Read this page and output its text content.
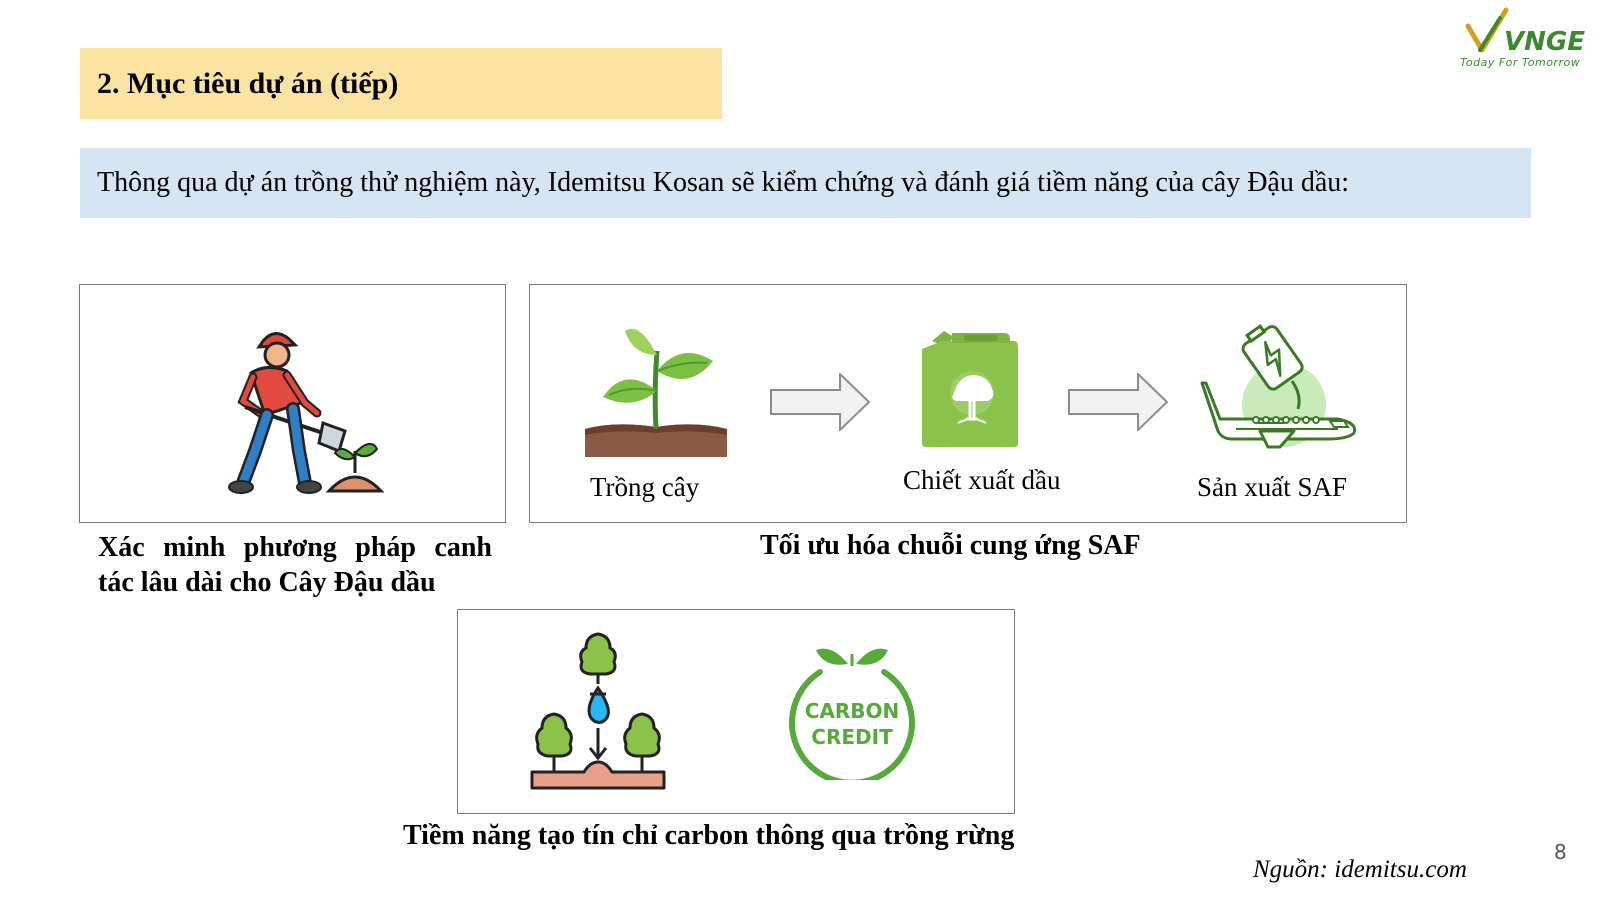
VNGE
Today For Tomorrow
2. Mục tiêu dự án (tiếp)
Thông qua dự án trồng thử nghiệm này, Idemitsu Kosan sẽ kiểm chứng và đánh giá tiềm năng của cây Đậu dầu:
Xác minh phương pháp canh
tác lâu dài cho Cây Đậu dầu
Trồng cây	Chiết xuất dầu	Sản xuất SAF
Tối ưu hóa chuỗi cung ứng SAF
CARBON
CREDIT
Tiềm năng tạo tín chỉ carbon thông qua trồng rừng
Nguồn: idemitsu.com
8
